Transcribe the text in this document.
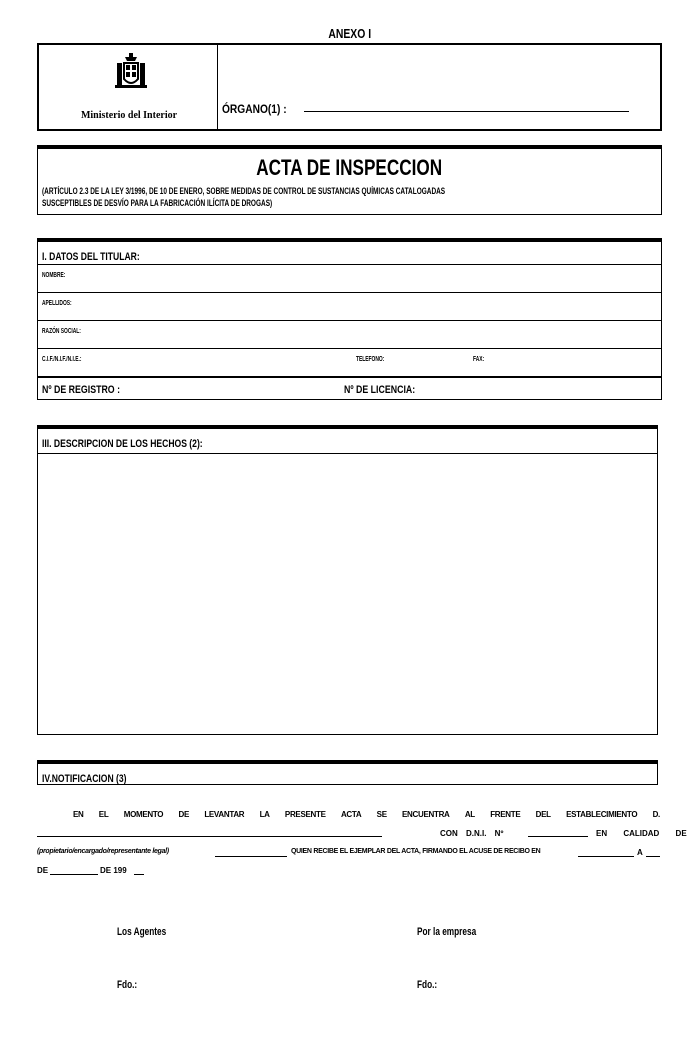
ANEXO I
Ministerio del Interior	ÓRGANO(1) :
ACTA DE INSPECCION
(ARTÍCULO 2.3 DE LA LEY 3/1996, DE 10 DE ENERO, SOBRE MEDIDAS DE CONTROL DE SUSTANCIAS QUÍMICAS CATALOGADAS
SUSCEPTIBLES DE DESVÍO PARA LA FABRICACIÓN ILÍCITA DE DROGAS)
I. DATOS DEL TITULAR:
NOMBRE:
APELLIDOS:
RAZÓN SOCIAL:
C.I.F./N.I.F./N.I.E.:	TELEFONO:	FAX:
Nº DE REGISTRO :	Nº DE LICENCIA:
III. DESCRIPCION DE LOS HECHOS (2):
IV.NOTIFICACION (3)
EN EL MOMENTO DE LEVANTAR LA PRESENTE ACTA SE ENCUENTRA AL FRENTE DEL ESTABLECIMIENTO D.
CON D.N.I. Nº	EN CALIDAD DE
(propietario/encargado/representante legal)	QUIEN RECIBE EL EJEMPLAR DEL ACTA, FIRMANDO EL ACUSE DE RECIBO EN	A
DE	DE 199
Los Agentes	Por la empresa
Fdo.:	Fdo.:
